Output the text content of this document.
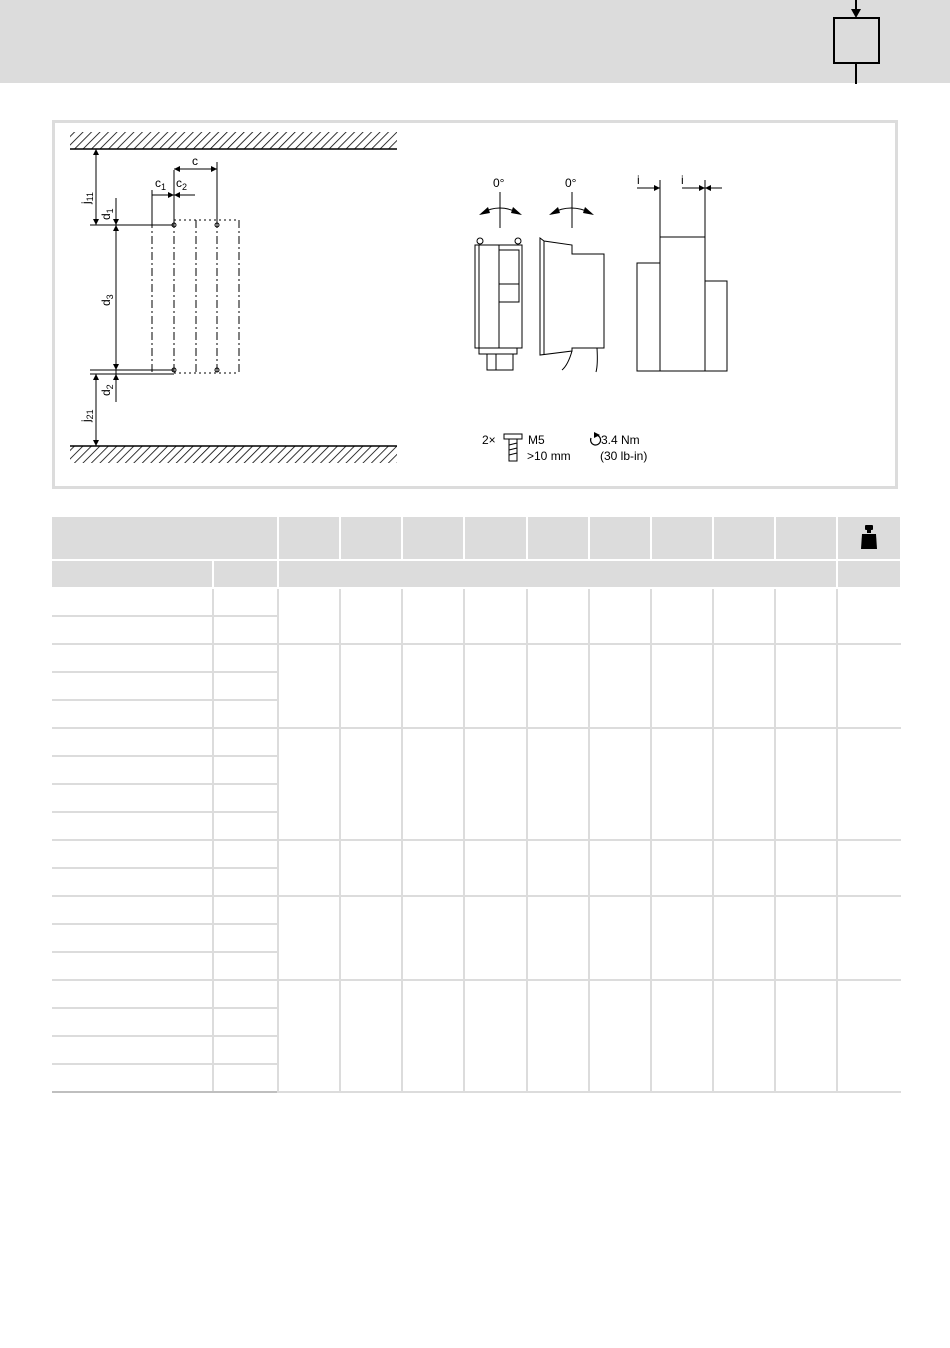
$j_{11}$
$d_1$
$d_3$
$d_2$
$j_{21}$
c
$c_1$ $c_2$	0°	0°	i	i
2×	M5
>10 mm
3.4 Nm
(30 lb-in)
